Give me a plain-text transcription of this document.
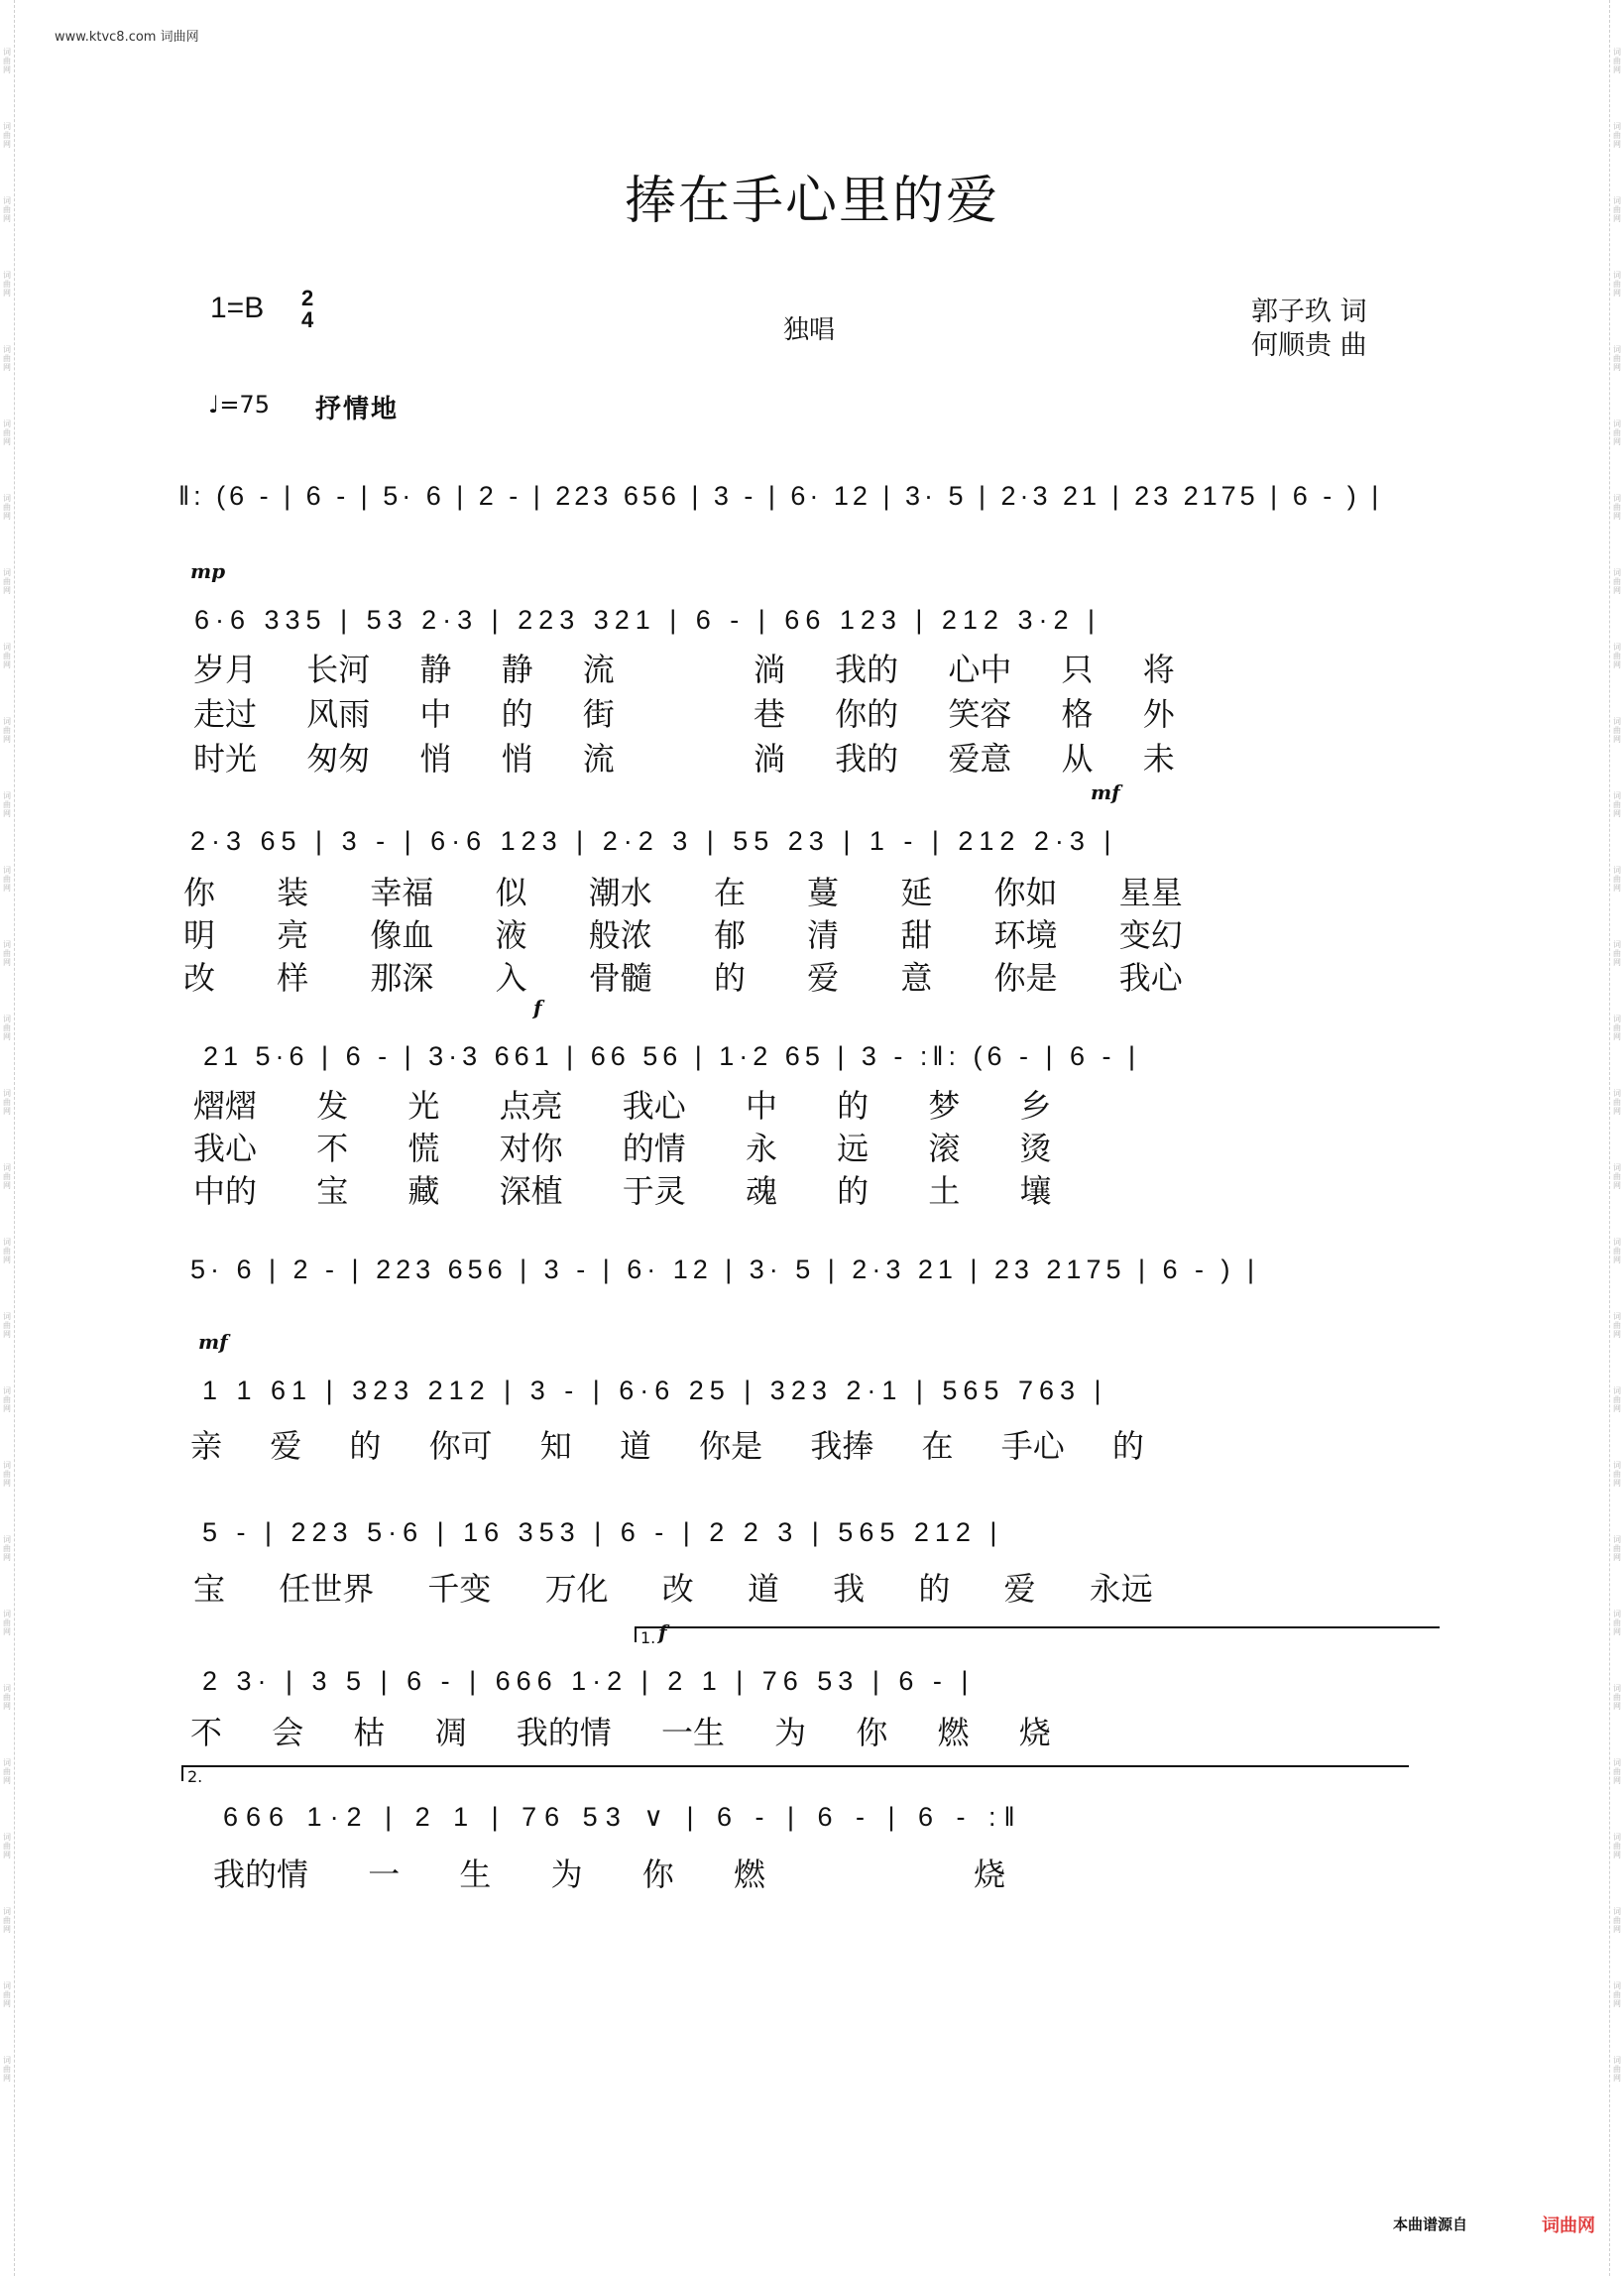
词曲网
词曲网
词曲网
词曲网
词曲网
词曲网
词曲网
词曲网
词曲网
词曲网
词曲网
词曲网
词曲网
词曲网
词曲网
词曲网
词曲网
词曲网
词曲网
词曲网
词曲网
词曲网
词曲网
词曲网
词曲网
词曲网
词曲网
词曲网
词曲网
词曲网
词曲网
词曲网
词曲网
词曲网
词曲网
词曲网
词曲网
词曲网
词曲网
词曲网
词曲网
词曲网
词曲网
词曲网
词曲网
词曲网
词曲网
词曲网
词曲网
词曲网
词曲网
词曲网
词曲网
词曲网
词曲网
词曲网
www.ktvc8.com 词曲网
捧在手心里的爱
1=B 2
4	独唱
郭子玖 词
何顺贵 曲
♩=75 抒情地
‖: (6 - | 6 - | 5· 6 | 2 - | 223 656 | 3 - | 6· 12 | 3· 5 | 2·3 21 | 23 2175 | 6 - ) |
mp
6·6 335 | 53 2·3 | 223 321 | 6 - | 66 123 | 212 3·2 |
岁月 长河 静 静 流	淌 我的 心中 只 将
走过 风雨 中 的 街	巷 你的 笑容 格 外
时光 匆匆 悄 悄 流	淌 我的 爱意 从 未
mf
2·3 65 | 3 - | 6·6 123 | 2·2 3 | 55 23 | 1 - | 212 2·3 |
你 装 幸福 似 潮水 在 蔓 延 你如 星星
明 亮 像血 液 般浓 郁 清 甜 环境 变幻
改 样 那深 入 骨髓 的 爱 意 你是 我心
f
21 5·6 | 6 - | 3·3 661 | 66 56 | 1·2 65 | 3 - :‖: (6 - | 6 - |
熠熠 发 光 点亮 我心 中 的 梦 乡
我心 不 慌 对你 的情 永 远 滚 烫
中的 宝 藏 深植 于灵 魂 的 土 壤
5· 6 | 2 - | 223 656 | 3 - | 6· 12 | 3· 5 | 2·3 21 | 23 2175 | 6 - ) |
mf
1 1 61 | 323 212 | 3 - | 6·6 25 | 323 2·1 | 565 763 |
亲 爱 的 你可 知 道 你是 我捧 在 手心 的
5 - | 223 5·6 | 16 353 | 6 - | 2 2 3 | 565 212 |
宝 任世界 千变 万化 改 道 我 的 爱 永远
1. f
2 3· | 3 5 | 6 - | 666 1·2 | 2 1 | 76 53 | 6 - |
不 会 枯 凋 我的情 一生 为 你 燃 烧
2.
666 1·2 | 2 1 | 76 53 ∨ | 6 - | 6 - | 6 - :‖
我的情 一 生 为 你 燃	烧
本曲谱源自	词曲网
